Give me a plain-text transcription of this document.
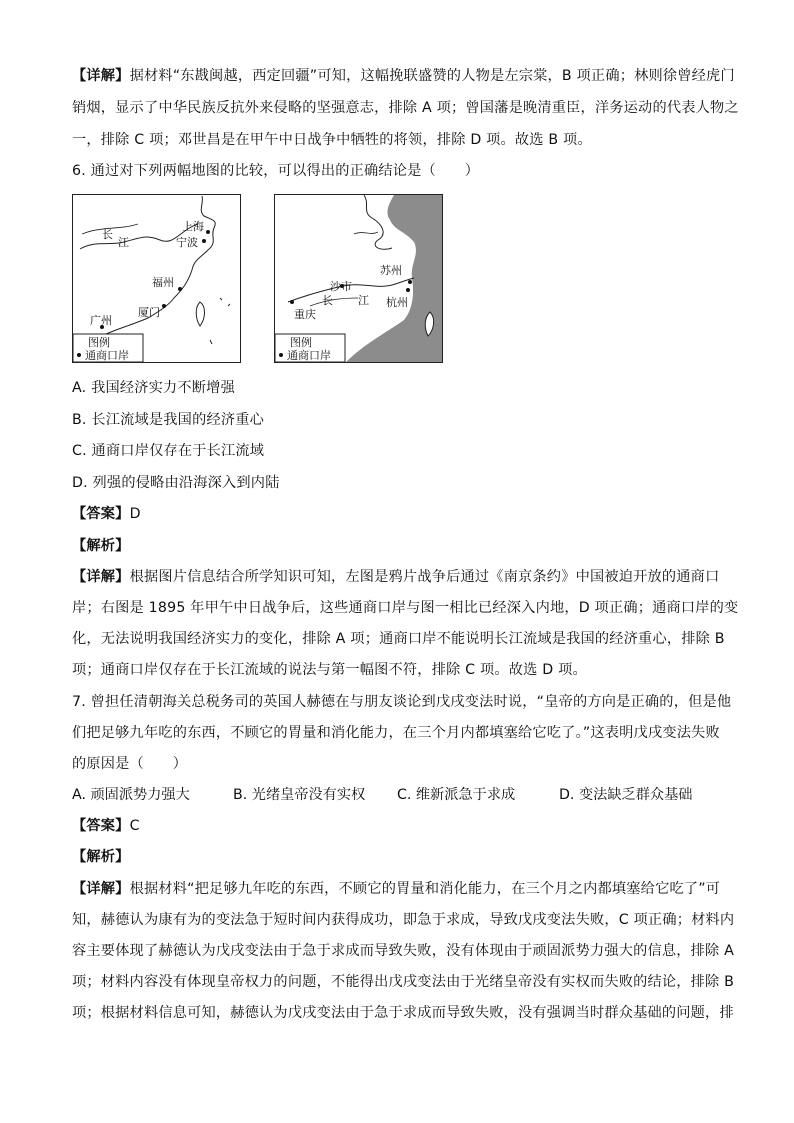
【详解】据材料“东戡闽越，西定回疆”可知，这幅挽联盛赞的人物是左宗棠，B 项正确；林则徐曾经虎门
销烟，显示了中华民族反抗外来侵略的坚强意志，排除 A 项；曾国藩是晚清重臣，洋务运动的代表人物之
一，排除 C 项；邓世昌是在甲午中日战争中牺牲的将领，排除 D 项。故选 B 项。
6. 通过对下列两幅地图的比较，可以得出的正确结论是（　　）
长
江
上海
宁波
福州
厦门
广州
图例
通商口岸
苏州
沙市
长 江 杭州
重庆
图例
通商口岸
A. 我国经济实力不断增强
B. 长江流域是我国的经济重心
C. 通商口岸仅存在于长江流域
D. 列强的侵略由沿海深入到内陆
【答案】D
【解析】
【详解】根据图片信息结合所学知识可知，左图是鸦片战争后通过《南京条约》中国被迫开放的通商口
岸；右图是 1895 年甲午中日战争后，这些通商口岸与图一相比已经深入内地，D 项正确；通商口岸的变
化，无法说明我国经济实力的变化，排除 A 项；通商口岸不能说明长江流域是我国的经济重心，排除 B
项；通商口岸仅存在于长江流域的说法与第一幅图不符，排除 C 项。故选 D 项。
7. 曾担任清朝海关总税务司的英国人赫德在与朋友谈论到戊戌变法时说，“皇帝的方向是正确的，但是他
们把足够九年吃的东西，不顾它的胃量和消化能力，在三个月内都填塞给它吃了。”这表明戊戌变法失败
的原因是（　　）
A. 顽固派势力强大	B. 光绪皇帝没有实权 C. 维新派急于求成	D. 变法缺乏群众基础
【答案】C
【解析】
【详解】根据材料“把足够九年吃的东西，不顾它的胃量和消化能力，在三个月之内都填塞给它吃了”可
知，赫德认为康有为的变法急于短时间内获得成功，即急于求成，导致戊戌变法失败，C 项正确；材料内
容主要体现了赫德认为戊戌变法由于急于求成而导致失败，没有体现由于顽固派势力强大的信息，排除 A
项；材料内容没有体现皇帝权力的问题，不能得出戊戌变法由于光绪皇帝没有实权而失败的结论，排除 B
项；根据材料信息可知，赫德认为戊戌变法由于急于求成而导致失败，没有强调当时群众基础的问题，排
